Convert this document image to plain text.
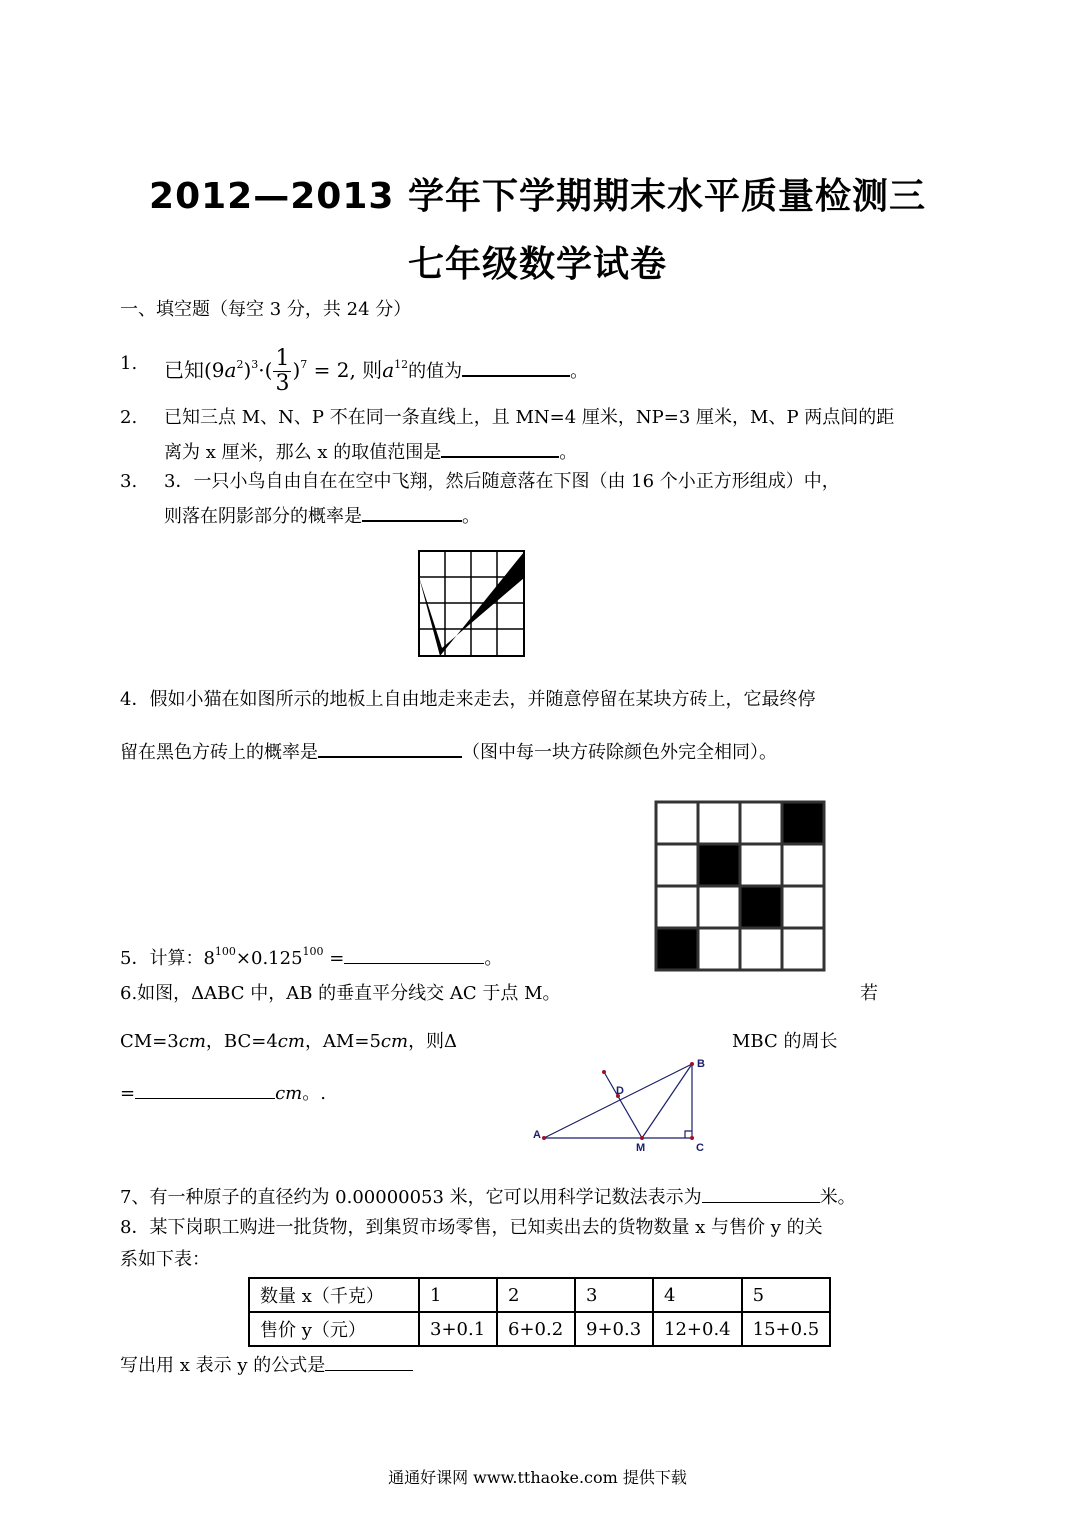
2012—2013 学年下学期期末水平质量检测三
七年级数学试卷
一、填空题（每空 3 分，共 24 分）
1. 已知$(9a^2)^3\cdot( \frac{1}{3} )^7 = 2$, 则$a^{12}$的值为	。
2. 已知三点 M、N、P 不在同一条直线上，且 MN=4 厘米，NP=3 厘米，M、P 两点间的距
离为 x 厘米，那么 x 的取值范围是	。
3. 3．一只小鸟自由自在在空中飞翔，然后随意落在下图（由 16 个小正方形组成）中，
则落在阴影部分的概率是	。
4．假如小猫在如图所示的地板上自由地走来走去，并随意停留在某块方砖上，它最终停
留在黑色方砖上的概率是	（图中每一块方砖除颜色外完全相同）。
5．计算：$8^{100}\times 0.125^{100}$ =	。
6.如图，ΔABC 中，AB 的垂直平分线交 AC 于点 M。	若
CM=3cm，BC=4cm，AM=5cm，则Δ	MBC 的周长
=	cm。.
A
B
C
D
M
7、有一种原子的直径约为 0.00000053 米，它可以用科学记数法表示为	米。
8．某下岗职工购进一批货物，到集贸市场零售，已知卖出去的货物数量 x 与售价 y 的关
系如下表：
数量 x（千克）	1	2	3	4	5
售价 y（元）	3+0.1	6+0.2	9+0.3	12+0.4	15+0.5
写出用 x 表示 y 的公式是
通通好课网 www.tthaoke.com 提供下载
